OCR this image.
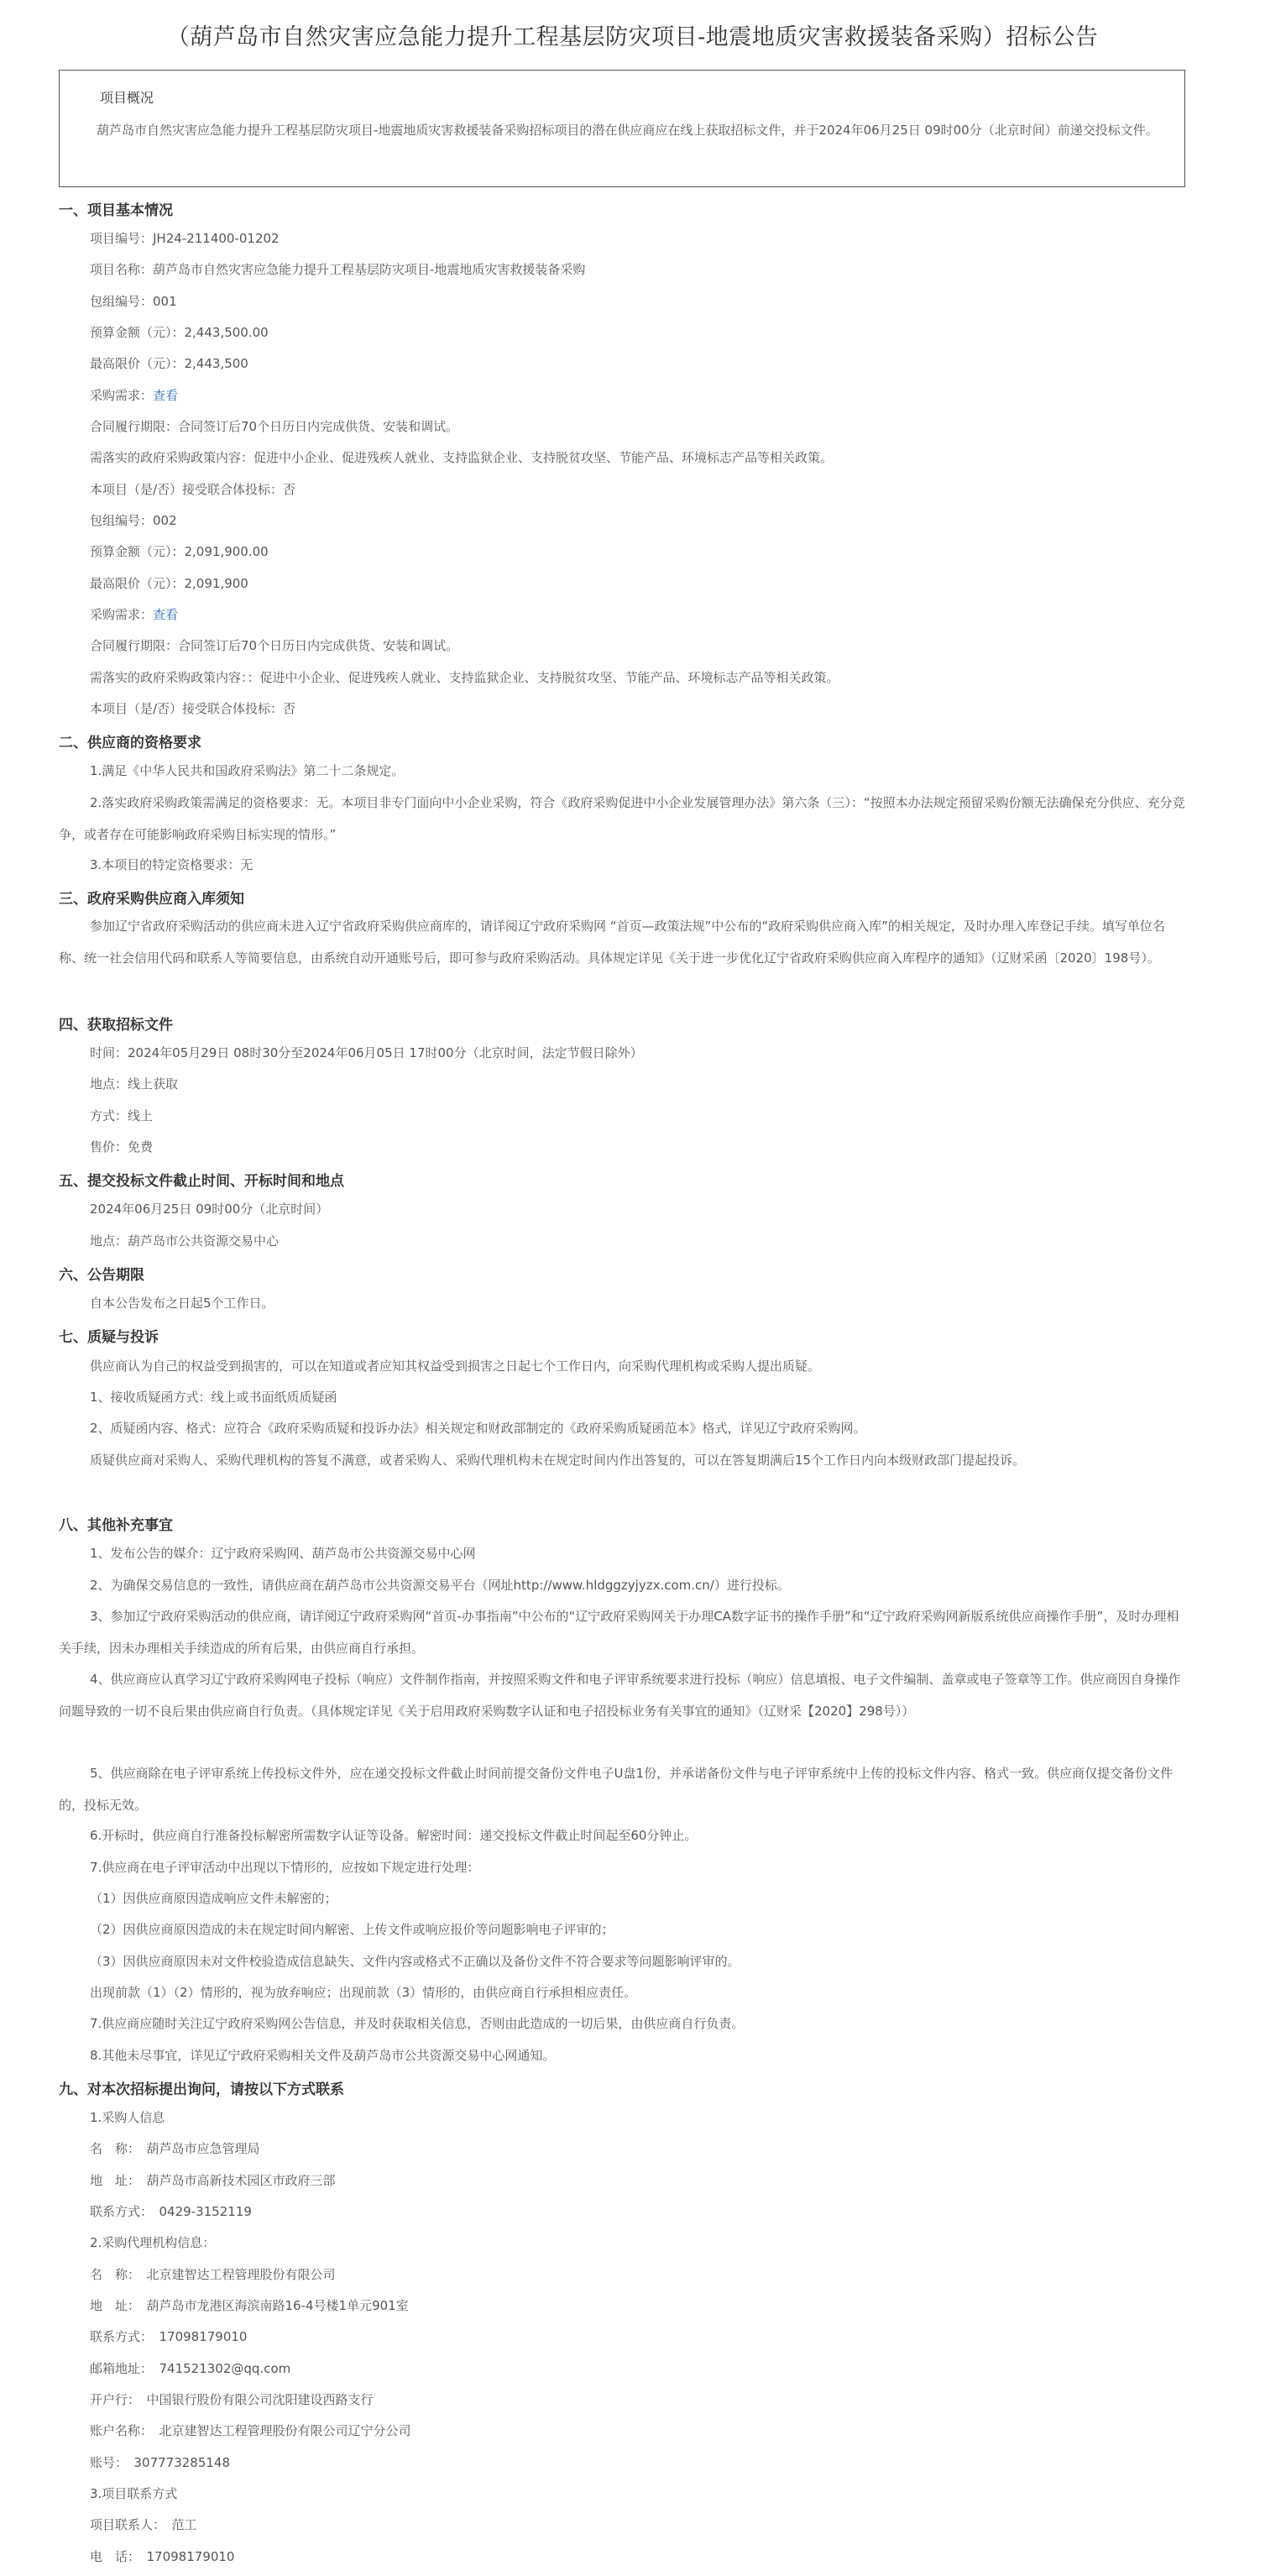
（葫芦岛市自然灾害应急能力提升工程基层防灾项目-地震地质灾害救援装备采购）招标公告
项目概况
葫芦岛市自然灾害应急能力提升工程基层防灾项目-地震地质灾害救援装备采购招标项目的潜在供应商应在线上获取招标文件，并于2024年06月25日 09时00分（北京时间）前递交投标文件。
一、项目基本情况
项目编号：JH24-211400-01202
项目名称：葫芦岛市自然灾害应急能力提升工程基层防灾项目-地震地质灾害救援装备采购
包组编号：001
预算金额（元）：2,443,500.00
最高限价（元）：2,443,500
采购需求：查看
合同履行期限：合同签订后70个日历日内完成供货、安装和调试。
需落实的政府采购政策内容：促进中小企业、促进残疾人就业、支持监狱企业、支持脱贫攻坚、节能产品、环境标志产品等相关政策。
本项目（是/否）接受联合体投标：否
包组编号：002
预算金额（元）：2,091,900.00
最高限价（元）：2,091,900
采购需求：查看
合同履行期限：合同签订后70个日历日内完成供货、安装和调试。
需落实的政府采购政策内容：：促进中小企业、促进残疾人就业、支持监狱企业、支持脱贫攻坚、节能产品、环境标志产品等相关政策。
本项目（是/否）接受联合体投标：否
二、供应商的资格要求
1.满足《中华人民共和国政府采购法》第二十二条规定。
2.落实政府采购政策需满足的资格要求：无。本项目非专门面向中小企业采购，符合《政府采购促进中小企业发展管理办法》第六条（三）：“按照本办法规定预留采购份额无法确保充分供应、充分竞争，或者存在可能影响政府采购目标实现的情形。”
3.本项目的特定资格要求：无
三、政府采购供应商入库须知
参加辽宁省政府采购活动的供应商未进入辽宁省政府采购供应商库的，请详阅辽宁政府采购网 “首页—政策法规”中公布的“政府采购供应商入库”的相关规定，及时办理入库登记手续。填写单位名称、统一社会信用代码和联系人等简要信息，由系统自动开通账号后，即可参与政府采购活动。具体规定详见《关于进一步优化辽宁省政府采购供应商入库程序的通知》（辽财采函〔2020〕198号）。
四、获取招标文件
时间：2024年05月29日 08时30分至2024年06月05日 17时00分（北京时间，法定节假日除外）
地点：线上获取
方式：线上
售价：免费
五、提交投标文件截止时间、开标时间和地点
2024年06月25日 09时00分（北京时间）
地点：葫芦岛市公共资源交易中心
六、公告期限
自本公告发布之日起5个工作日。
七、质疑与投诉
供应商认为自己的权益受到损害的，可以在知道或者应知其权益受到损害之日起七个工作日内，向采购代理机构或采购人提出质疑。
1、接收质疑函方式：线上或书面纸质质疑函
2、质疑函内容、格式：应符合《政府采购质疑和投诉办法》相关规定和财政部制定的《政府采购质疑函范本》格式，详见辽宁政府采购网。
质疑供应商对采购人、采购代理机构的答复不满意，或者采购人、采购代理机构未在规定时间内作出答复的，可以在答复期满后15个工作日内向本级财政部门提起投诉。
八、其他补充事宜
1、发布公告的媒介：辽宁政府采购网、葫芦岛市公共资源交易中心网
2、为确保交易信息的一致性，请供应商在葫芦岛市公共资源交易平台（网址http://www.hldggzyjyzx.com.cn/）进行投标。
3、参加辽宁政府采购活动的供应商，请详阅辽宁政府采购网“首页-办事指南”中公布的“辽宁政府采购网关于办理CA数字证书的操作手册”和“辽宁政府采购网新版系统供应商操作手册”，及时办理相关手续，因未办理相关手续造成的所有后果，由供应商自行承担。
4、供应商应认真学习辽宁政府采购网电子投标（响应）文件制作指南，并按照采购文件和电子评审系统要求进行投标（响应）信息填报、电子文件编制、盖章或电子签章等工作。供应商因自身操作问题导致的一切不良后果由供应商自行负责。（具体规定详见《关于启用政府采购数字认证和电子招投标业务有关事宜的通知》（辽财采【2020】298号））
5、供应商除在电子评审系统上传投标文件外，应在递交投标文件截止时间前提交备份文件电子U盘1份，并承诺备份文件与电子评审系统中上传的投标文件内容、格式一致。供应商仅提交备份文件的，投标无效。
6.开标时，供应商自行准备投标解密所需数字认证等设备。解密时间：递交投标文件截止时间起至60分钟止。
7.供应商在电子评审活动中出现以下情形的，应按如下规定进行处理：
（1）因供应商原因造成响应文件未解密的；
（2）因供应商原因造成的未在规定时间内解密、上传文件或响应报价等问题影响电子评审的；
（3）因供应商原因未对文件校验造成信息缺失、文件内容或格式不正确以及备份文件不符合要求等问题影响评审的。
出现前款（1）（2）情形的，视为放弃响应；出现前款（3）情形的，由供应商自行承担相应责任。
7.供应商应随时关注辽宁政府采购网公告信息，并及时获取相关信息，否则由此造成的一切后果，由供应商自行负责。
8.其他未尽事宜，详见辽宁政府采购相关文件及葫芦岛市公共资源交易中心网通知。
九、对本次招标提出询问，请按以下方式联系
1.采购人信息
名　称：　葫芦岛市应急管理局
地　址：　葫芦岛市高新技术园区市政府三部
联系方式：　0429-3152119
2.采购代理机构信息：
名　称：　北京建智达工程管理股份有限公司
地　址：　葫芦岛市龙港区海滨南路16-4号楼1单元901室
联系方式：　17098179010
邮箱地址：　741521302@qq.com
开户行：　中国银行股份有限公司沈阳建设西路支行
账户名称：　北京建智达工程管理股份有限公司辽宁分公司
账号：　307773285148
3.项目联系方式
项目联系人：　范工
电　话：　17098179010
